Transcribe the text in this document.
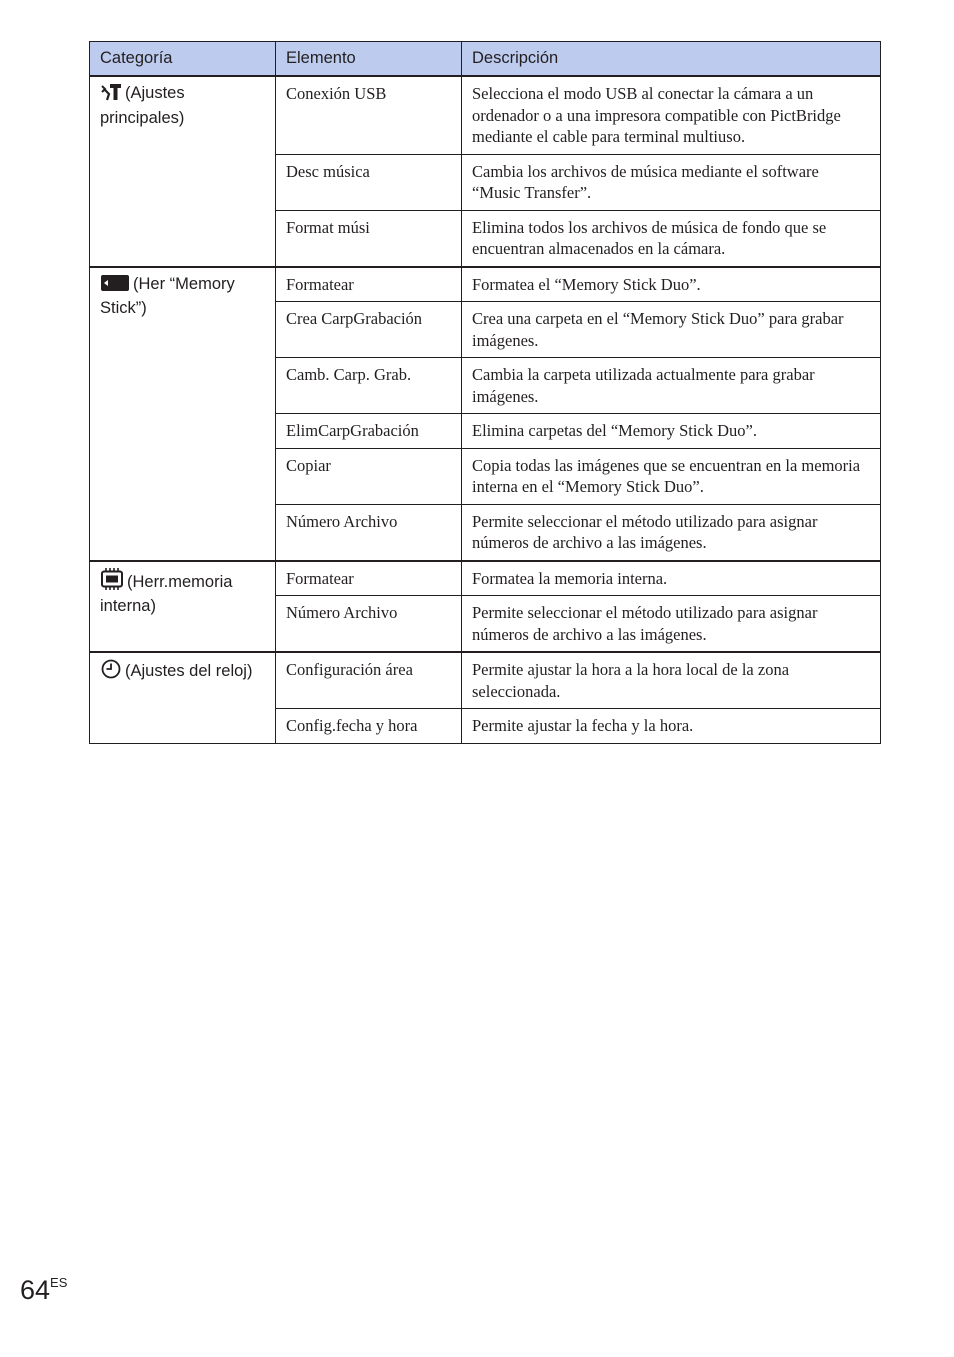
Categoría	Elemento	Descripción
(Ajustes principales)	Conexión USB	Selecciona el modo USB al conectar la cámara a un ordenador o a una impresora compatible con PictBridge mediante el cable para terminal multiuso.
	Desc música	Cambia los archivos de música mediante el software “Music Transfer”.
	Format músi	Elimina todos los archivos de música de fondo que se encuentran almacenados en la cámara.
(Her “Memory Stick”)	Formatear	Formatea el “Memory Stick Duo”.
	Crea CarpGrabación	Crea una carpeta en el “Memory Stick Duo” para grabar imágenes.
	Camb. Carp. Grab.	Cambia la carpeta utilizada actualmente para grabar imágenes.
	ElimCarpGrabación	Elimina carpetas del “Memory Stick Duo”.
	Copiar	Copia todas las imágenes que se encuentran en la memoria interna en el “Memory Stick Duo”.
	Número Archivo	Permite seleccionar el método utilizado para asignar números de archivo a las imágenes.
(Herr.memoria interna)	Formatear	Formatea la memoria interna.
	Número Archivo	Permite seleccionar el método utilizado para asignar números de archivo a las imágenes.
(Ajustes del reloj)	Configuración área	Permite ajustar la hora a la hora local de la zona seleccionada.
	Config.fecha y hora	Permite ajustar la fecha y la hora.
$64^{ES}$
